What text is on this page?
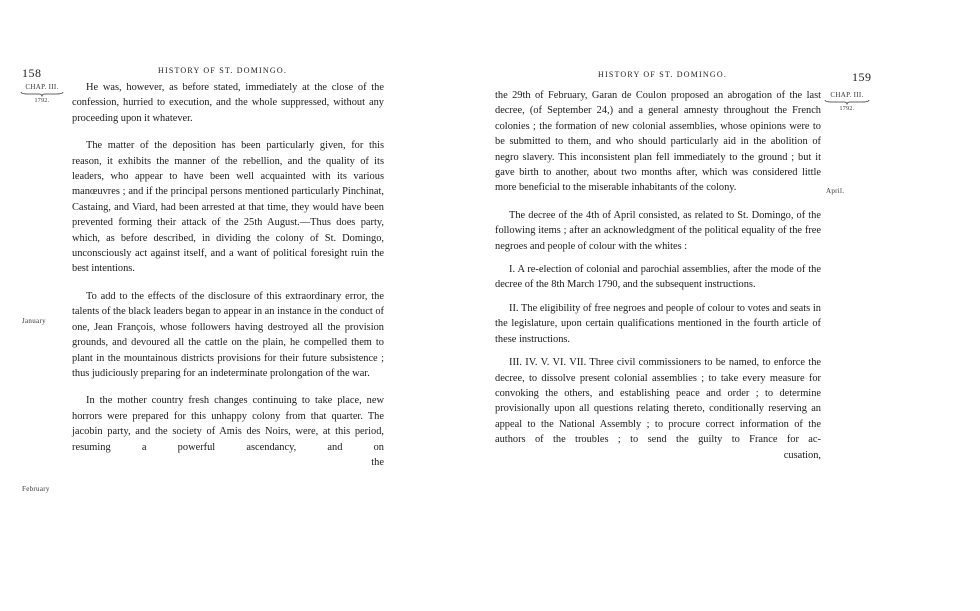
158	HISTORY OF ST. DOMINGO.
CHAP. III.
1792.
January
February

He was, however, as before stated, immediately at the close of the confession, hurried to execution, and the whole suppressed, without any proceeding upon it whatever.

The matter of the deposition has been particularly given, for this reason, it exhibits the manner of the rebellion, and the quality of its leaders, who appear to have been well acquainted with its various manœuvres ; and if the principal persons mentioned particularly Pinchinat, Castaing, and Viard, had been arrested at that time, they would have been prevented forming their attack of the 25th August.—Thus does party, which, as before described, in dividing the colony of St. Domingo, unconsciously act against itself, and a want of political foresight ruin the best intentions.

To add to the effects of the disclosure of this extraordinary error, the talents of the black leaders began to appear in an instance in the conduct of one, Jean François, whose followers having destroyed all the provision grounds, and devoured all the cattle on the plain, he compelled them to plant in the mountainous districts provisions for their future subsistence ; thus judiciously preparing for an indeterminate prolongation of the war.

In the mother country fresh changes continuing to take place, new horrors were prepared for this unhappy colony from that quarter. The jacobin party, and the society of Amis des Noirs, were, at this period, resuming a powerful ascendancy, and on

the

HISTORY OF ST. DOMINGO.	159
CHAP. III.
1792.
April.

the 29th of February, Garan de Coulon proposed an abrogation of the last decree, (of September 24,) and a general amnesty throughout the French colonies ; the formation of new colonial assemblies, whose opinions were to be submitted to them, and who should particularly aid in the abolition of negro slavery. This inconsistent plan fell immediately to the ground ; but it gave birth to another, about two months after, which was considered little more beneficial to the miserable inhabitants of the colony.

The decree of the 4th of April consisted, as related to St. Domingo, of the following items ; after an acknowledgment of the political equality of the free negroes and people of colour with the whites :

I. A re-election of colonial and parochial assemblies, after the mode of the decree of the 8th March 1790, and the subsequent instructions.

II. The eligibility of free negroes and people of colour to votes and seats in the legislature, upon certain qualifications mentioned in the fourth article of these instructions.

III. IV. V. VI. VII. Three civil commissioners to be named, to enforce the decree, to dissolve present colonial assemblies ; to take every measure for convoking the others, and establishing peace and order ; to determine provisionally upon all questions relating thereto, conditionally reserving an appeal to the National Assembly ; to procure correct information of the authors of the troubles ; to send the guilty to France for ac-

cusation,
